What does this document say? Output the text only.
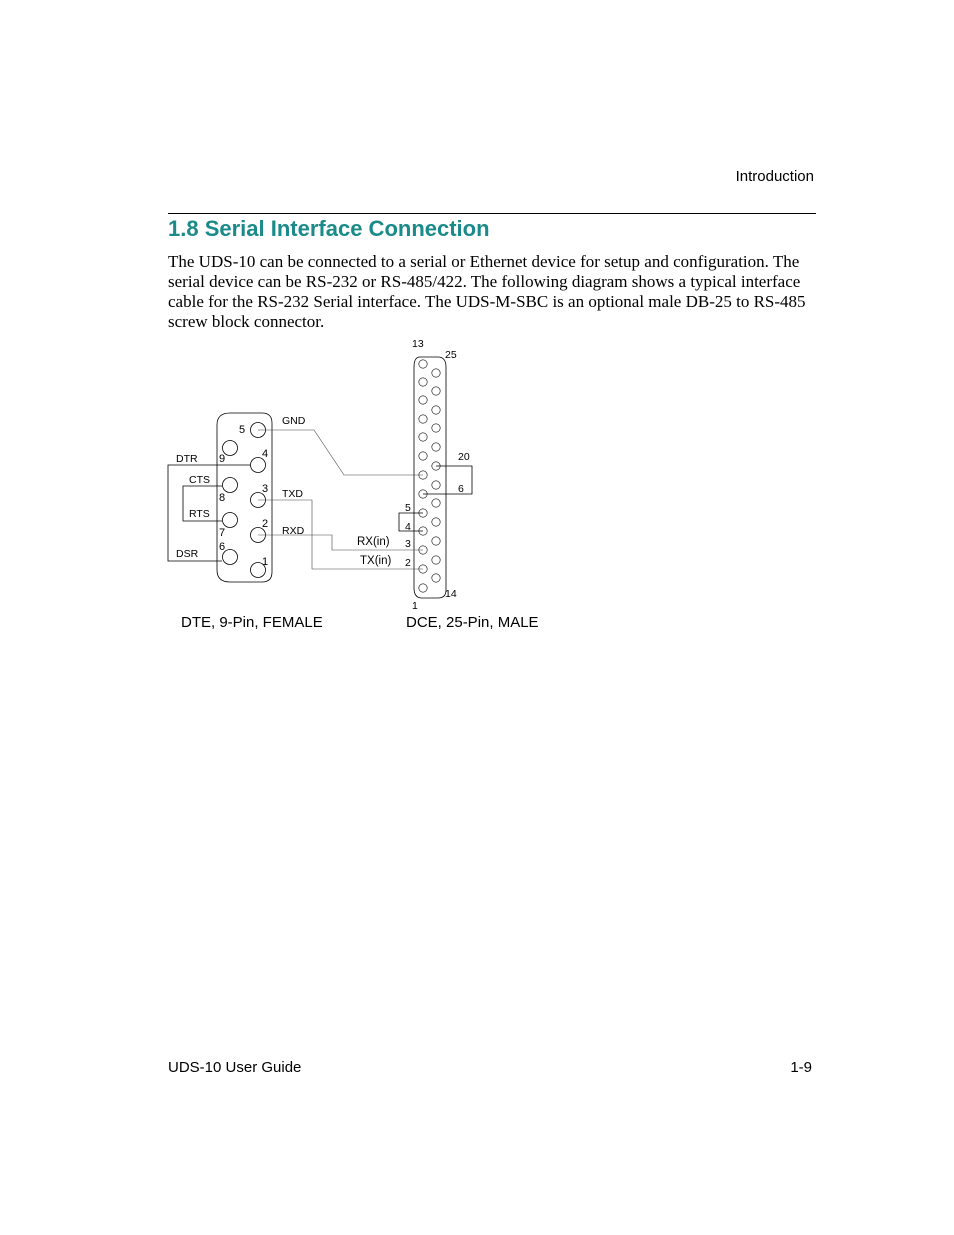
Introduction
1.8 Serial Interface Connection

The UDS-10 can be connected to a serial or Ethernet device for setup and configuration. The serial device can be RS-232 or RS-485/422. The following diagram shows a typical interface cable for the RS-232 Serial interface. The UDS-M-SBC is an optional male DB-25 to RS-485 screw block connector.

5
4
9
3
8
2
7
6
1
GND
TXD
RXD
DTR
CTS
RTS
DSR
13
25
20
6
5
4
3
2
14
1
RX(in)
TX(in)
DTE, 9-Pin, FEMALE	DCE, 25-Pin, MALE
UDS-10 User Guide	1-9
